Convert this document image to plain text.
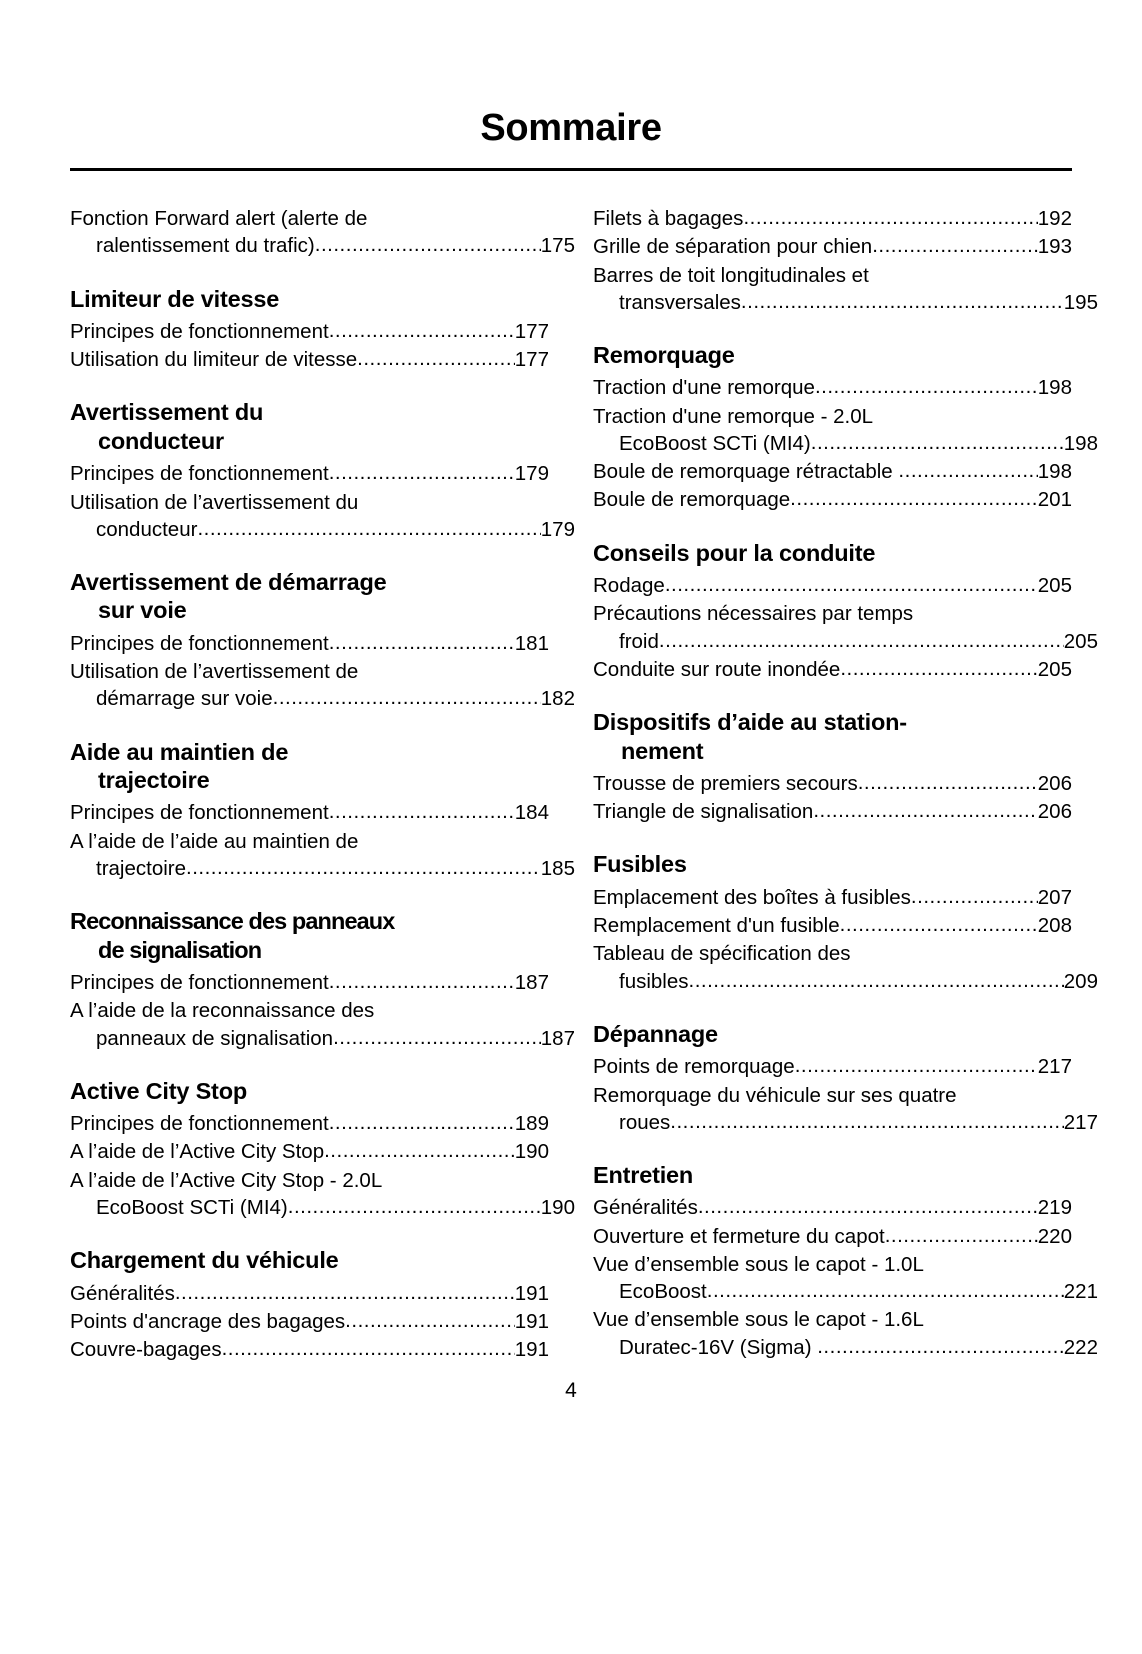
Sommaire
Fonction Forward alert (alerte de
ralentissement du trafic) .....	175
Limiteur de vitesse
Principes de fonctionnement .....	177
Utilisation du limiteur de vitesse .....	177
Avertissement du
conducteur
Principes de fonctionnement .....	179
Utilisation de l’avertissement du
conducteur .....	179
Avertissement de démarrage
sur voie
Principes de fonctionnement .....	181
Utilisation de l’avertissement de
démarrage sur voie .....	182
Aide au maintien de
trajectoire
Principes de fonctionnement .....	184
A l’aide de l’aide au maintien de
trajectoire .....	185
Reconnaissance des panneaux
de signalisation
Principes de fonctionnement .....	187
A l’aide de la reconnaissance des
panneaux de signalisation .....	187
Active City Stop
Principes de fonctionnement .....	189
A l’aide de l’Active City Stop .....	190
A l’aide de l’Active City Stop - 2.0L
EcoBoost SCTi (MI4) .....	190
Chargement du véhicule
Généralités .....	191
Points d'ancrage des bagages .....	191
Couvre-bagages .....	191
Filets à bagages .....	192
Grille de séparation pour chien .....	193
Barres de toit longitudinales et
transversales .....	195
Remorquage
Traction d'une remorque .....	198
Traction d'une remorque - 2.0L
EcoBoost SCTi (MI4) .....	198
Boule de remorquage rétractable .....	198
Boule de remorquage .....	201
Conseils pour la conduite
Rodage .....	205
Précautions nécessaires par temps
froid .....	205
Conduite sur route inondée .....	205
Dispositifs d’aide au station-
nement
Trousse de premiers secours .....	206
Triangle de signalisation .....	206
Fusibles
Emplacement des boîtes à fusibles .....	207
Remplacement d'un fusible .....	208
Tableau de spécification des
fusibles .....	209
Dépannage
Points de remorquage .....	217
Remorquage du véhicule sur ses quatre
roues .....	217
Entretien
Généralités .....	219
Ouverture et fermeture du capot .....	220
Vue d’ensemble sous le capot - 1.0L
EcoBoost .....	221
Vue d’ensemble sous le capot - 1.6L
Duratec-16V (Sigma) .....	222
4
